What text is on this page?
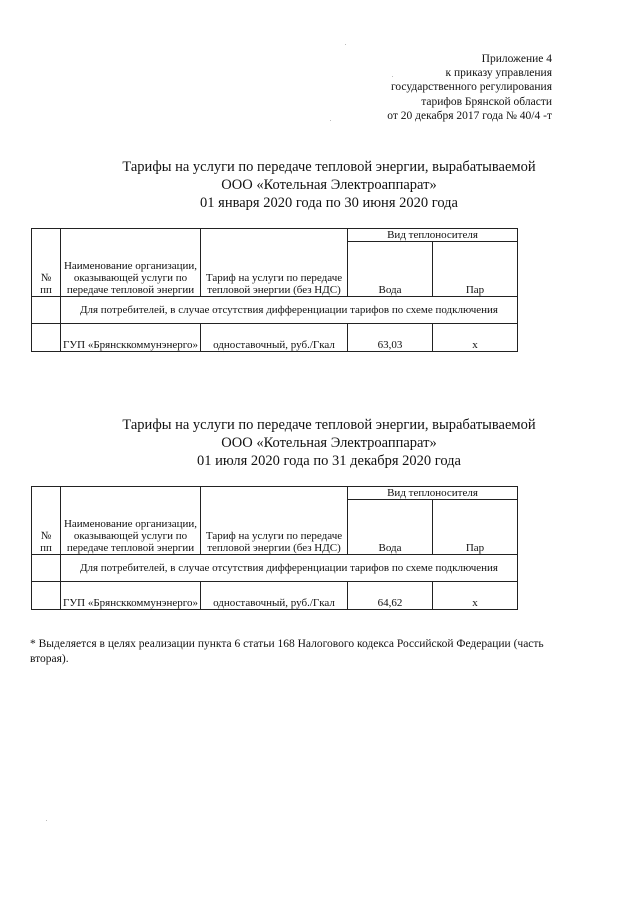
Приложение 4
к приказу управления
государственного регулирования
тарифов Брянской области
от 20 декабря 2017 года № 40/4 -т
Тарифы на услуги по передаче тепловой энергии, вырабатываемой
ООО «Котельная Электроаппарат»
01 января 2020 года по 30 июня 2020 года
№ пп	Наименование организации, оказывающей услуги по передаче тепловой энергии	Тариф на услуги по передаче тепловой энергии (без НДС)	Вид теплоносителя	
			Вода	Пар
	Для потребителей, в случае отсутствия дифференциации тарифов по схеме подключения			
	ГУП «Брянсккоммунэнерго»	одноставочный, руб./Гкал	63,03	x
Тарифы на услуги по передаче тепловой энергии, вырабатываемой
ООО «Котельная Электроаппарат»
01 июля 2020 года по 31 декабря 2020 года
№ пп	Наименование организации, оказывающей услуги по передаче тепловой энергии	Тариф на услуги по передаче тепловой энергии (без НДС)	Вид теплоносителя	
			Вода	Пар
	Для потребителей, в случае отсутствия дифференциации тарифов по схеме подключения			
	ГУП «Брянсккоммунэнерго»	одноставочный, руб./Гкал	64,62	x
* Выделяется в целях реализации пункта 6 статьи 168 Налогового кодекса Российской Федерации (часть вторая).
